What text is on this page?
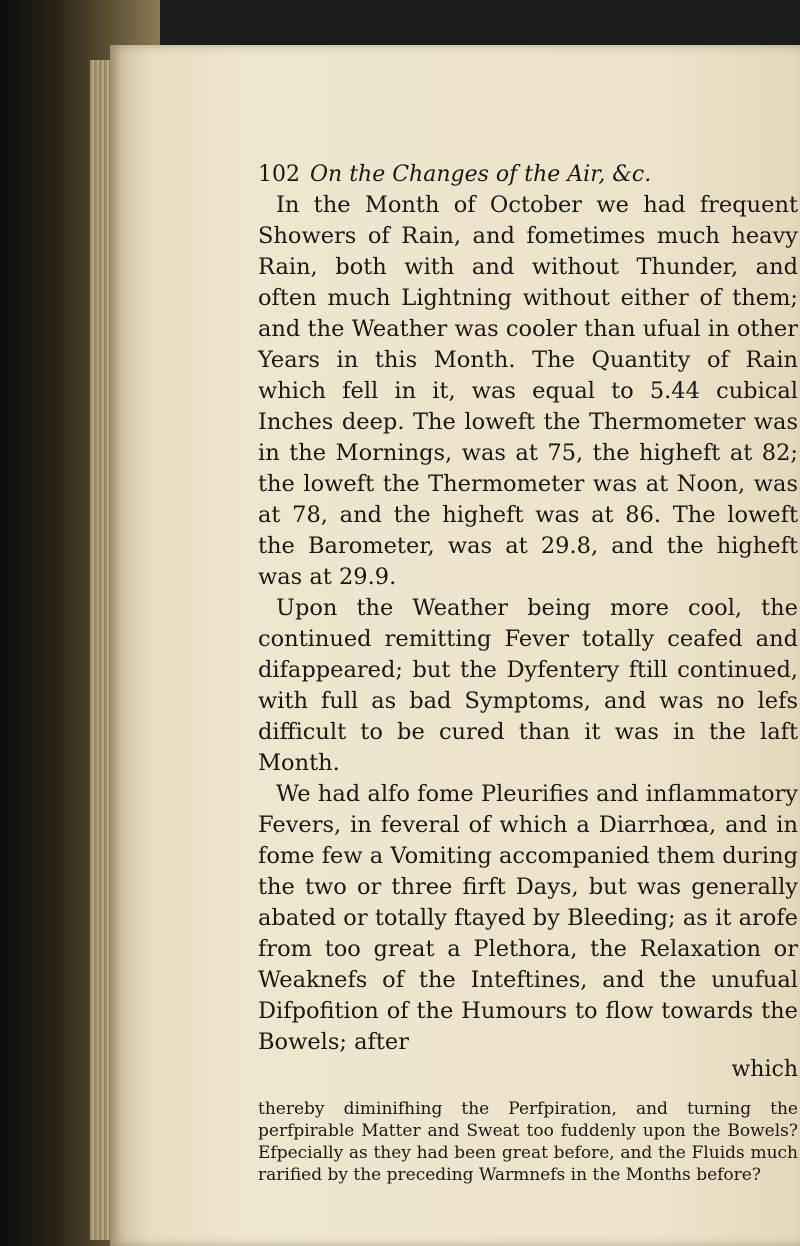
102 On the Changes of the Air, &c.

In the Month of October we had frequent Showers of Rain, and fometimes much heavy Rain, both with and without Thunder, and often much Lightning without either of them; and the Weather was cooler than ufual in other Years in this Month. The Quantity of Rain which fell in it, was equal to 5.44 cubical Inches deep. The loweft the Thermometer was in the Mornings, was at 75, the higheft at 82; the loweft the Thermometer was at Noon, was at 78, and the higheft was at 86. The loweft the Barometer, was at 29.8, and the higheft was at 29.9.

Upon the Weather being more cool, the continued remitting Fever totally ceafed and difappeared; but the Dyfentery ftill continued, with full as bad Symptoms, and was no lefs difficult to be cured than it was in the laft Month.

We had alfo fome Pleurifies and inflammatory Fevers, in feveral of which a Diarrhœa, and in fome few a Vomiting accompanied them during the two or three firft Days, but was generally abated or totally ftayed by Bleeding; as it arofe from too great a Plethora, the Relaxation or Weaknefs of the Inteftines, and the unufual Difpofition of the Humours to flow towards the Bowels; after

which
thereby diminifhing the Perfpiration, and turning the perfpirable Matter and Sweat too fuddenly upon the Bowels? Efpecially as they had been great before, and the Fluids much rarified by the preceding Warmnefs in the Months before?
